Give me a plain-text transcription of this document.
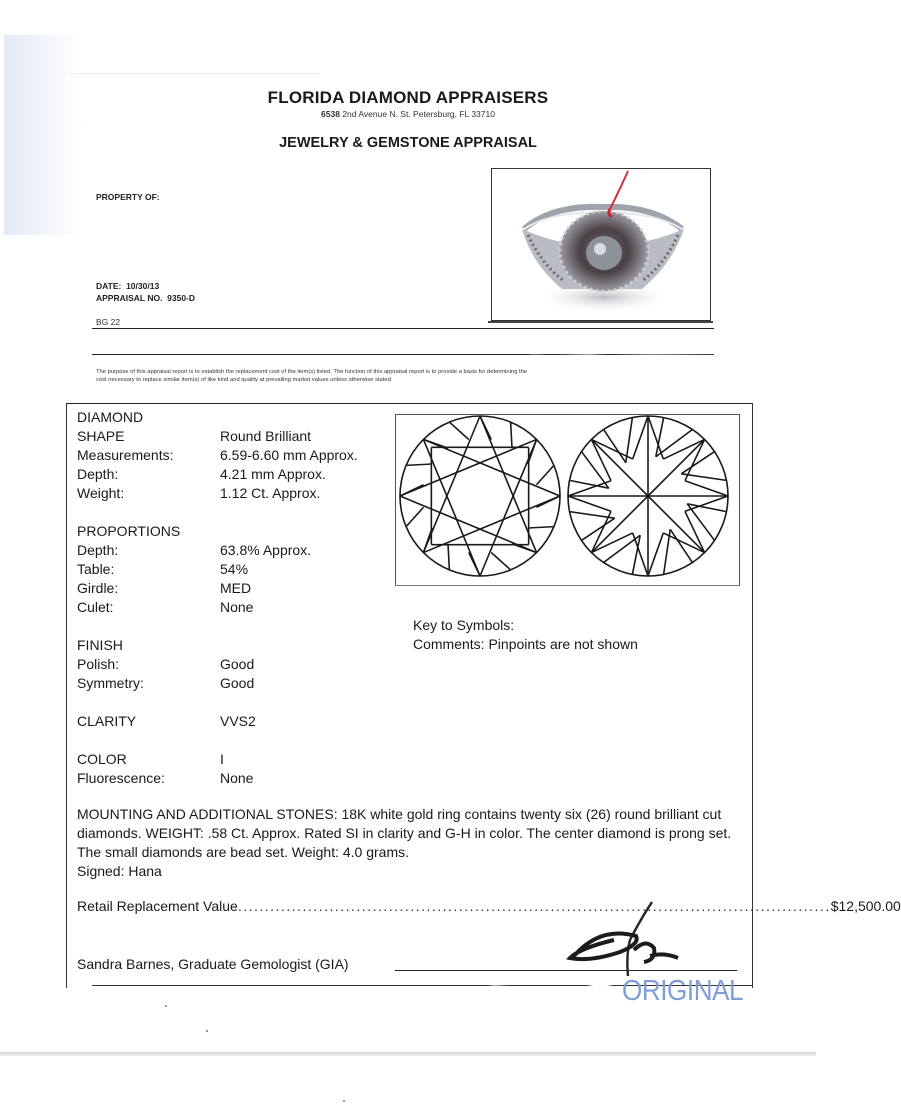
FLORIDA DIAMOND APPRAISERS
6538 2nd Avenue N. St. Petersburg, FL 33710
JEWELRY & GEMSTONE APPRAISAL
PROPERTY OF:
DATE: 10/30/13
APPRAISAL NO. 9350-D
BG 22
The purpose of this appraisal report is to establish the replacement cost of the item(s) listed. The function of this appraisal report is to provide a basis for determining the
cost necessary to replace similar item(s) of like kind and quality at prevailing market values unless otherwise stated
DIAMOND
SHAPE	Round Brilliant
Measurements:	6.59-6.60 mm Approx.
Depth:	4.21 mm Approx.
Weight:	1.12 Ct. Approx.
PROPORTIONS
Depth:	63.8% Approx.
Table:	54%
Girdle:	MED
Culet:	None
FINISH
Polish:	Good
Symmetry:	Good
CLARITY	VVS2
COLOR	I
Fluorescence:	None
Key to Symbols:
Comments: Pinpoints are not shown
MOUNTING AND ADDITIONAL STONES: 18K white gold ring contains twenty six (26) round brilliant cut diamonds. WEIGHT: .58 Ct. Approx. Rated SI in clarity and G-H in color. The center diamond is prong set. The small diamonds are bead set. Weight: 4.0 grams.
Signed: Hana
Retail Replacement Value .............................................................................................................. $12,500.00
Sandra Barnes, Graduate Gemologist (GIA)
ORIGINAL
